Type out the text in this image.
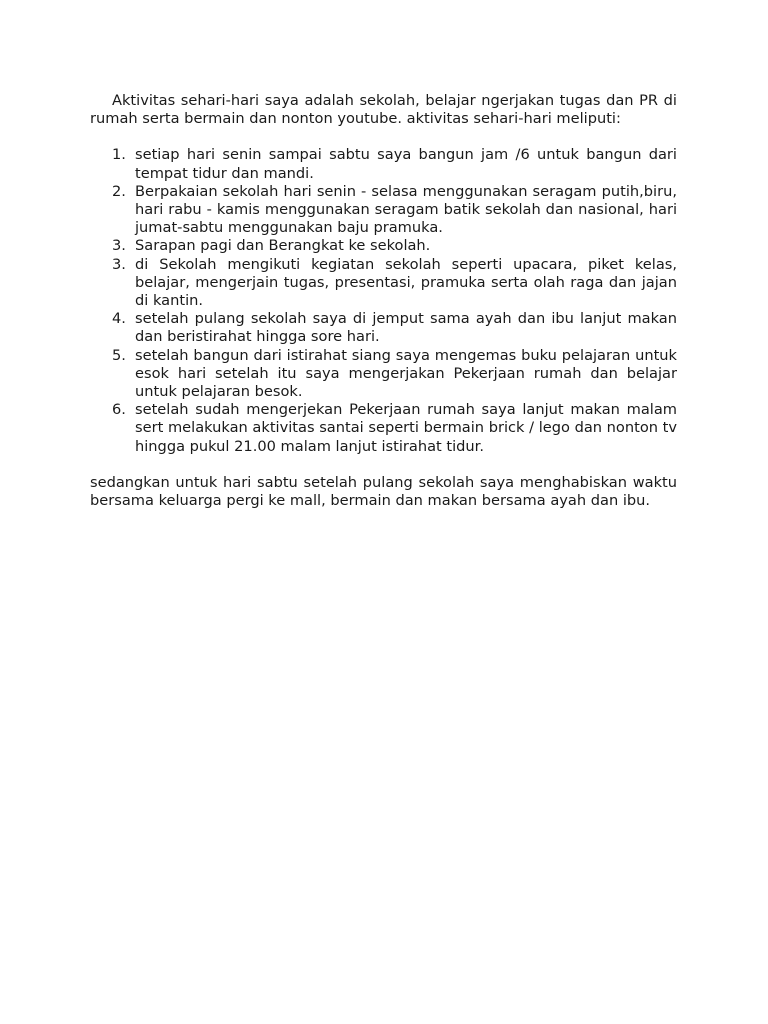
Aktivitas sehari-hari saya adalah sekolah, belajar ngerjakan tugas dan PR di rumah serta bermain dan nonton youtube. aktivitas sehari-hari meliputi:

1. setiap hari senin sampai sabtu saya bangun jam /6 untuk bangun dari tempat tidur dan mandi.
2. Berpakaian sekolah hari senin - selasa menggunakan seragam putih,biru, hari rabu - kamis menggunakan seragam batik sekolah dan nasional, hari jumat-sabtu menggunakan baju pramuka.
3. Sarapan pagi dan Berangkat ke sekolah.
3. di Sekolah mengikuti kegiatan sekolah seperti upacara, piket kelas, belajar, mengerjain tugas, presentasi, pramuka serta olah raga dan jajan di kantin.
4. setelah pulang sekolah saya di jemput sama ayah dan ibu lanjut makan dan beristirahat hingga sore hari.
5. setelah bangun dari istirahat siang saya mengemas buku pelajaran untuk esok hari setelah itu saya mengerjakan Pekerjaan rumah dan belajar untuk pelajaran besok.
6. setelah sudah mengerjekan Pekerjaan rumah saya lanjut makan malam sert melakukan aktivitas santai seperti bermain brick / lego dan nonton tv hingga pukul 21.00 malam lanjut istirahat tidur.

sedangkan untuk hari sabtu setelah pulang sekolah saya menghabiskan waktu bersama keluarga pergi ke mall, bermain dan makan bersama ayah dan ibu.
